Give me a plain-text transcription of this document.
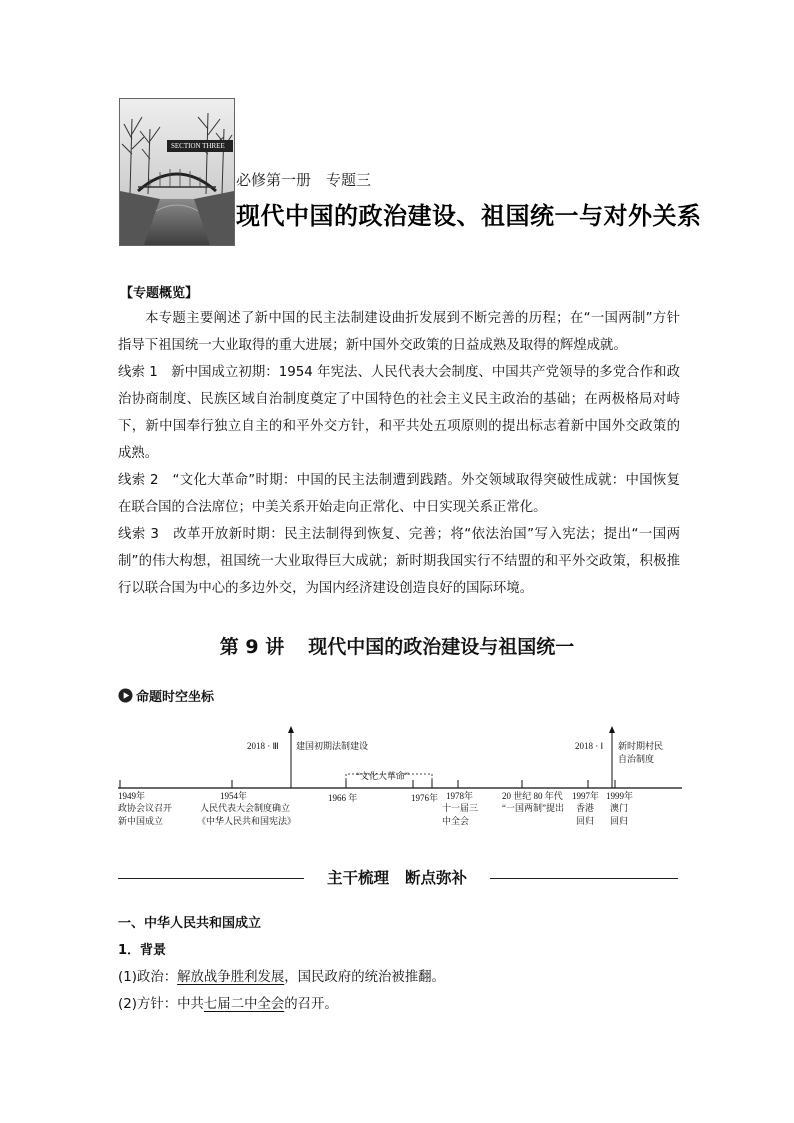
SECTION THREE
必修第一册　专题三
现代中国的政治建设、祖国统一与对外关系
【专题概览】
本专题主要阐述了新中国的民主法制建设曲折发展到不断完善的历程；在“一国两制”方针指导下祖国统一大业取得的重大进展；新中国外交政策的日益成熟及取得的辉煌成就。
线索 1　新中国成立初期：1954 年宪法、人民代表大会制度、中国共产党领导的多党合作和政治协商制度、民族区域自治制度奠定了中国特色的社会主义民主政治的基础；在两极格局对峙下，新中国奉行独立自主的和平外交方针，和平共处五项原则的提出标志着新中国外交政策的成熟。
线索 2　“文化大革命”时期：中国的民主法制遭到践踏。外交领域取得突破性成就：中国恢复在联合国的合法席位；中美关系开始走向正常化、中日实现关系正常化。
线索 3　改革开放新时期：民主法制得到恢复、完善；将“依法治国”写入宪法；提出“一国两制”的伟大构想，祖国统一大业取得巨大成就；新时期我国实行不结盟的和平外交政策，积极推行以联合国为中心的多边外交，为国内经济建设创造良好的国际环境。
第 9 讲 现代中国的政治建设与祖国统一
命题时空坐标
2018 · Ⅲ 建国初期法制建设	2018 · Ⅰ 新时期村民
自治制度
“文化大革命”
1949年
政协会议召开
新中国成立
1954年
人民代表大会制度确立
《中华人民共和国宪法》
1966 年	1976年 1978年
十一届三
中全会
20 世纪 80 年代
“一国两制”提出
1997年
香港
回归
1999年
澳门
回归
主干梳理 断点弥补
一、中华人民共和国成立
1．背景
(1)政治：解放战争胜利发展，国民政府的统治被推翻。
(2)方针：中共七届二中全会的召开。
